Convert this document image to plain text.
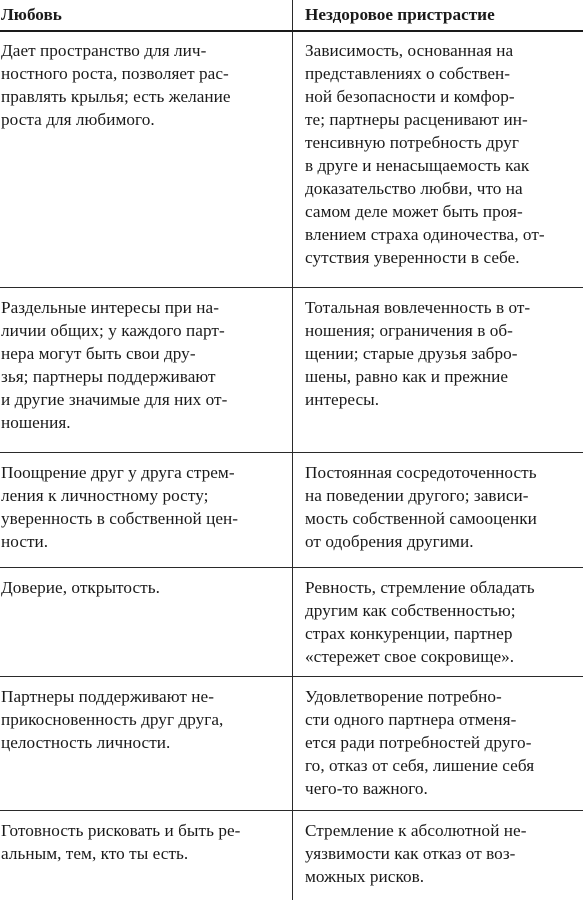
Любовь	Нездоровое пристрастие
Дает пространство для лич-
ностного роста, позволяет рас-
правлять крылья; есть желание
роста для любимого.
Зависимость, основанная на
представлениях о собствен-
ной безопасности и комфор-
те; партнеры расценивают ин-
тенсивную потребность друг
в друге и ненасыщаемость как
доказательство любви, что на
самом деле может быть проя-
влением страха одиночества, от-
сутствия уверенности в себе.
Раздельные интересы при на-
личии общих; у каждого парт-
нера могут быть свои дру-
зья; партнеры поддерживают
и другие значимые для них от-
ношения.
Тотальная вовлеченность в от-
ношения; ограничения в об-
щении; старые друзья забро-
шены, равно как и прежние
интересы.
Поощрение друг у друга стрем-
ления к личностному росту;
уверенность в собственной цен-
ности.
Постоянная сосредоточенность
на поведении другого; зависи-
мость собственной самооценки
от одобрения другими.
Доверие, открытость.	Ревность, стремление обладать
другим как собственностью;
страх конкуренции, партнер
«стережет свое сокровище».
Партнеры поддерживают не-
прикосновенность друг друга,
целостность личности.
Удовлетворение потребно-
сти одного партнера отменя-
ется ради потребностей друго-
го, отказ от себя, лишение себя
чего-то важного.
Готовность рисковать и быть ре-
альным, тем, кто ты есть.
Стремление к абсолютной не-
уязвимости как отказ от воз-
можных рисков.
